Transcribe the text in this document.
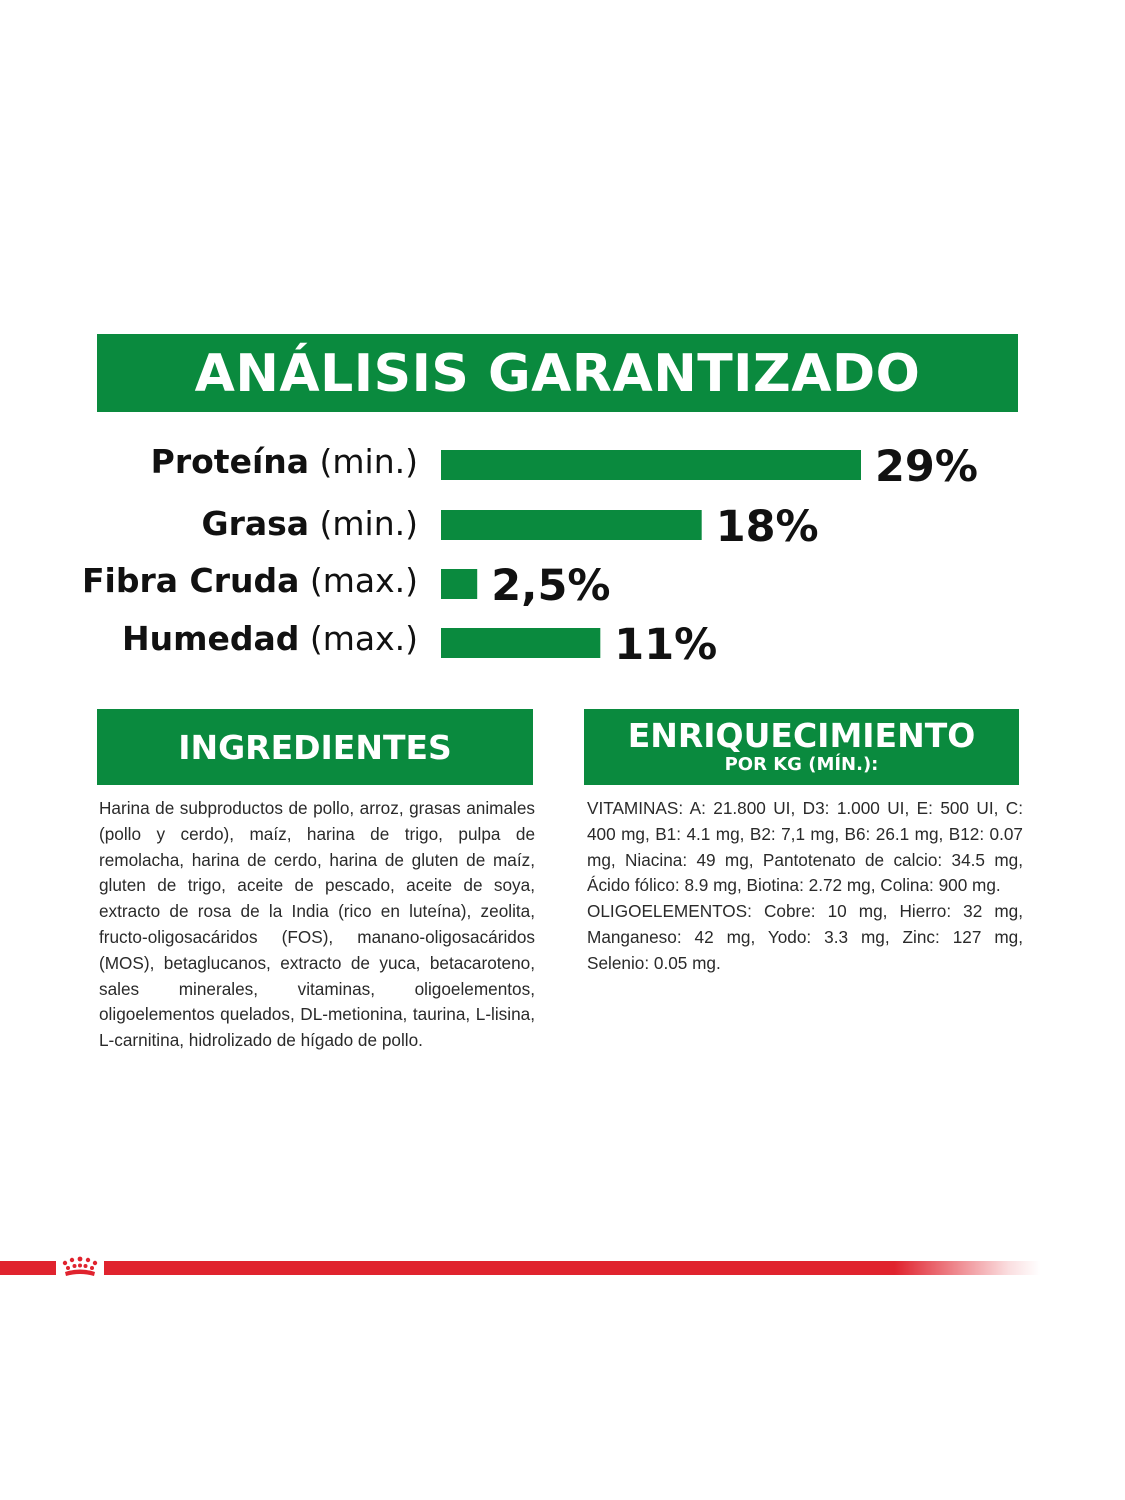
ANÁLISIS GARANTIZADO
Proteína (min.)
Grasa (min.)
Fibra Cruda (max.)
Humedad (max.)
29%
18%
2,5%
11%
INGREDIENTES	ENRIQUECIMIENTO
POR KG (MÍN.):
Harina de subproductos de pollo, arroz, grasas animales (pollo y cerdo), maíz, harina de trigo, pulpa de remolacha, harina de cerdo, harina de gluten de maíz, gluten de trigo, aceite de pescado, aceite de soya, extracto de rosa de la India (rico en luteína), zeolita, fructo-oligosacáridos (FOS), manano-oligosacáridos (MOS), betaglucanos, extracto de yuca, betacaroteno, sales minerales, vitaminas, oligoelementos, oligoelementos quelados, DL-metionina, taurina, L-lisina, L-carnitina, hidrolizado de hígado de pollo.

VITAMINAS: A: 21.800 UI, D3: 1.000 UI, E: 500 UI, C: 400 mg, B1: 4.1 mg, B2: 7,1 mg, B6: 26.1 mg, B12: 0.07 mg, Niacina: 49 mg, Pantotenato de calcio: 34.5 mg, Ácido fólico: 8.9 mg, Biotina: 2.72 mg, Colina: 900 mg.

OLIGOELEMENTOS: Cobre: 10 mg, Hierro: 32 mg, Manganeso: 42 mg, Yodo: 3.3 mg, Zinc: 127 mg, Selenio: 0.05 mg.
